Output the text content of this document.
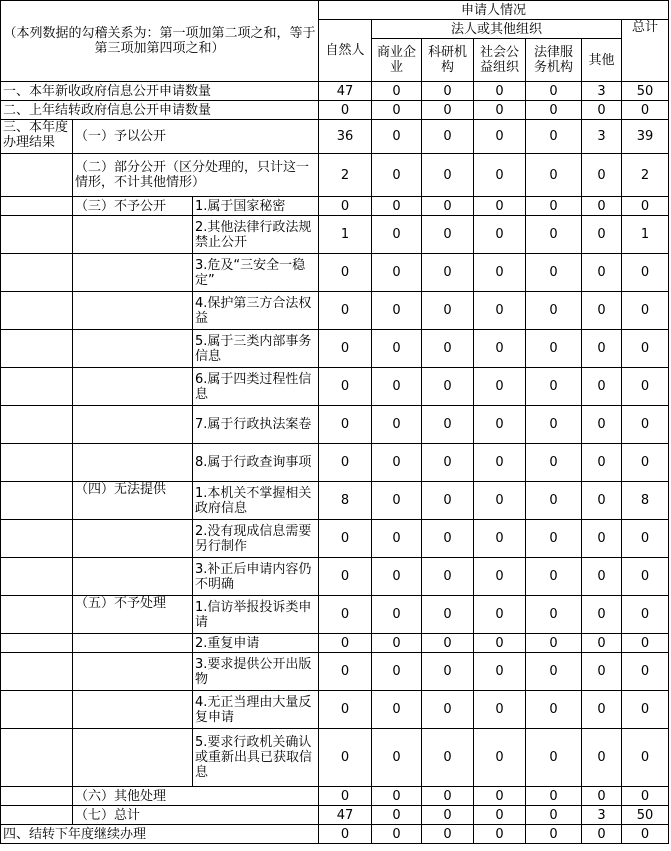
（本列数据的勾稽关系为：第一项加第二项之和，等于第三项加第四项之和）			申请人情况						
			自然人	法人或其他组织					总计
				商业企业	科研机构	社会公益组织	法律服务机构	其他	
一、本年新收政府信息公开申请数量			47	0	0	0	0	3	50
二、上年结转政府信息公开申请数量			0	0	0	0	0	0	0

三、本年度办理结果	（一）予以公开		36	0	0	0	0	3	39
	（二）部分公开（区分处理的，只计这一情形，不计其他情形）		2	0	0	0	0	0	2
	（三）不予公开	1.属于国家秘密	0	0	0	0	0	0	0
		2.其他法律行政法规禁止公开	1	0	0	0	0	0	1
		3.危及“三安全一稳定”	0	0	0	0	0	0	0
		4.保护第三方合法权益	0	0	0	0	0	0	0
		5.属于三类内部事务信息	0	0	0	0	0	0	0
		6.属于四类过程性信息	0	0	0	0	0	0	0
		7.属于行政执法案卷	0	0	0	0	0	0	0
		8.属于行政查询事项	0	0	0	0	0	0	0
	（四）无法提供	1.本机关不掌握相关政府信息	8	0	0	0	0	0	8
		2.没有现成信息需要另行制作	0	0	0	0	0	0	0
		3.补正后申请内容仍不明确	0	0	0	0	0	0	0
	（五）不予处理	1.信访举报投诉类申请	0	0	0	0	0	0	0
		2.重复申请	0	0	0	0	0	0	0
		3.要求提供公开出版物	0	0	0	0	0	0	0
		4.无正当理由大量反复申请	0	0	0	0	0	0	0
		5.要求行政机关确认或重新出具已获取信息	0	0	0	0	0	0	0
	（六）其他处理		0	0	0	0	0	0	0
	（七）总计		47	0	0	0	0	3	50
四、结转下年度继续办理			0	0	0	0	0	0	0
